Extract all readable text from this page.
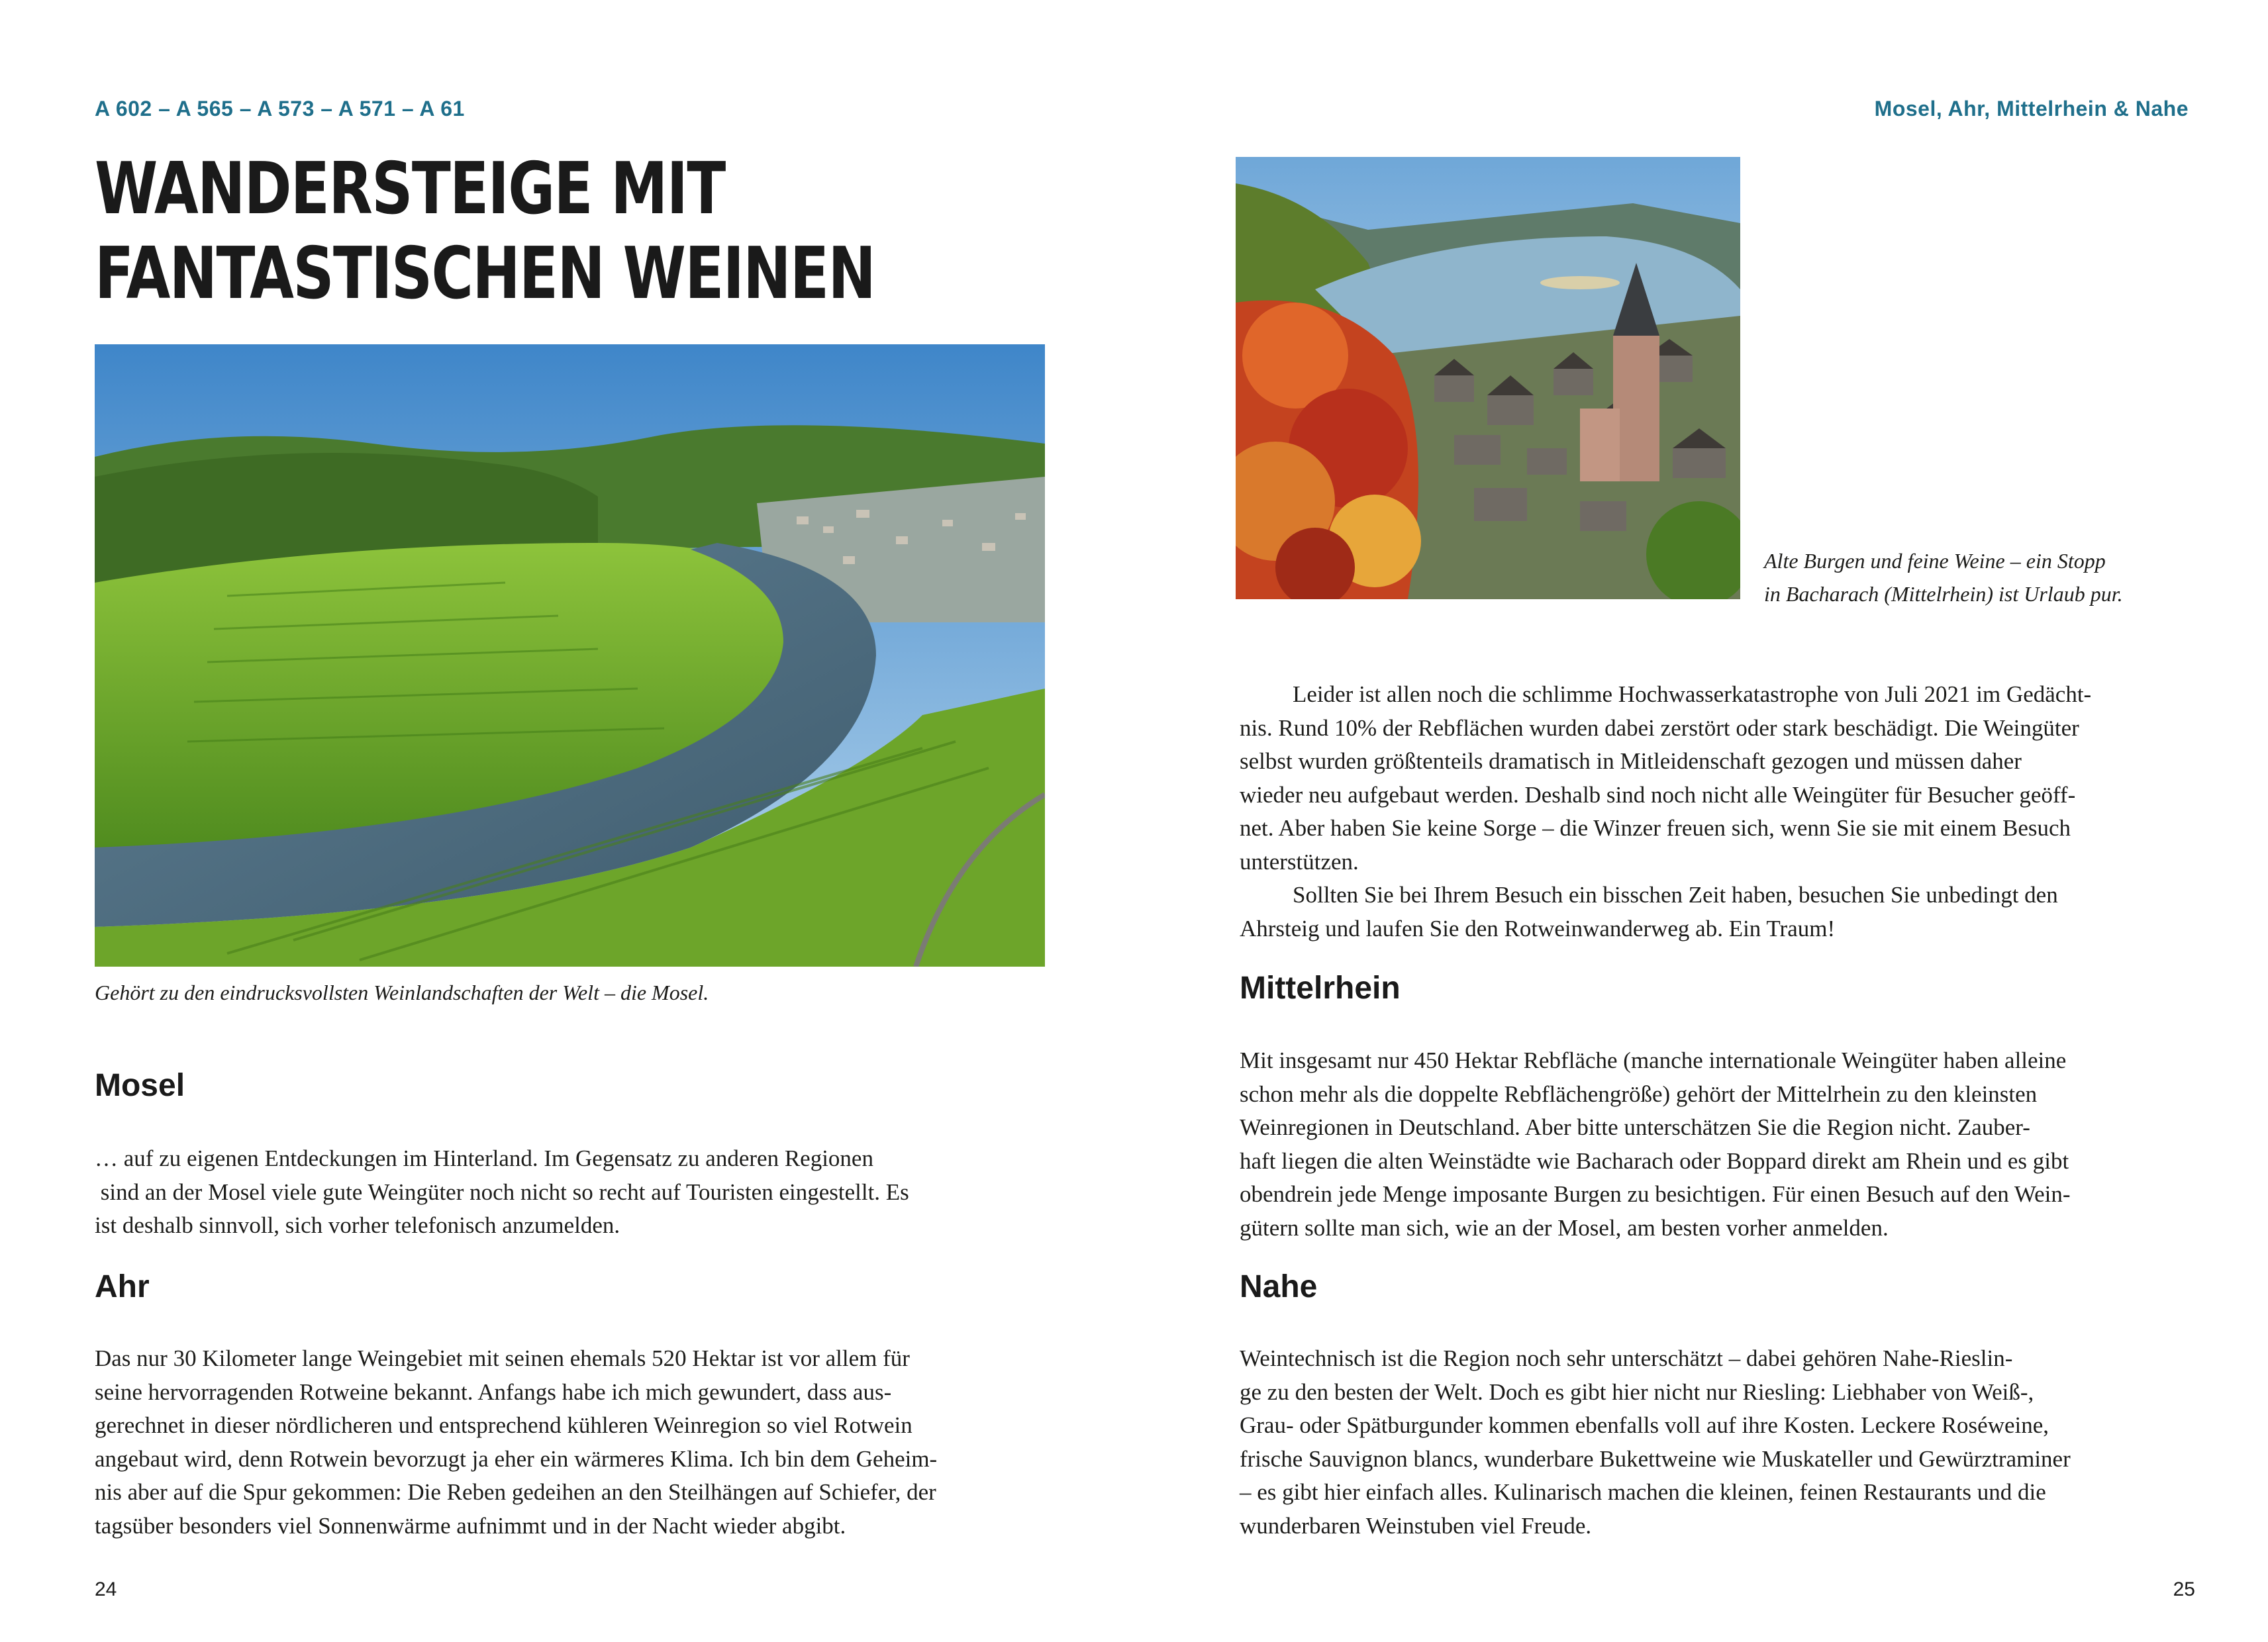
A 602 – A 565 – A 573 – A 571 – A 61	Mosel, Ahr, Mittelrhein & Nahe
WANDERSTEIGE MIT
FANTASTISCHEN WEINEN
Gehört zu den eindrucksvollsten Weinlandschaften der Welt – die Mosel.
Mosel
… auf zu eigenen Entdeckungen im Hinterland. Im Gegensatz zu anderen Regionen
sind an der Mosel viele gute Weingüter noch nicht so recht auf Touristen eingestellt. Es
ist deshalb sinnvoll, sich vorher telefonisch anzumelden.
Ahr
Das nur 30 Kilometer lange Weingebiet mit seinen ehemals 520 Hektar ist vor allem für
seine hervorragenden Rotweine bekannt. Anfangs habe ich mich gewundert, dass aus-
gerechnet in dieser nördlicheren und entsprechend kühleren Weinregion so viel Rotwein
angebaut wird, denn Rotwein bevorzugt ja eher ein wärmeres Klima. Ich bin dem Geheim-
nis aber auf die Spur gekommen: Die Reben gedeihen an den Steilhängen auf Schiefer, der
tagsüber besonders viel Sonnenwärme aufnimmt und in der Nacht wieder abgibt.
24
Alte Burgen und feine Weine – ein Stopp
in Bacharach (Mittelrhein) ist Urlaub pur.
Leider ist allen noch die schlimme Hochwasserkatastrophe von Juli 2021 im Gedächt-
nis. Rund 10% der Rebflächen wurden dabei zerstört oder stark beschädigt. Die Weingüter
selbst wurden größtenteils dramatisch in Mitleidenschaft gezogen und müssen daher
wieder neu aufgebaut werden. Deshalb sind noch nicht alle Weingüter für Besucher geöff-
net. Aber haben Sie keine Sorge – die Winzer freuen sich, wenn Sie sie mit einem Besuch
unterstützen.
Sollten Sie bei Ihrem Besuch ein bisschen Zeit haben, besuchen Sie unbedingt den
Ahrsteig und laufen Sie den Rotweinwanderweg ab. Ein Traum!
Mittelrhein
Mit insgesamt nur 450 Hektar Rebfläche (manche internationale Weingüter haben alleine
schon mehr als die doppelte Rebflächengröße) gehört der Mittelrhein zu den kleinsten
Weinregionen in Deutschland. Aber bitte unterschätzen Sie die Region nicht. Zauber-
haft liegen die alten Weinstädte wie Bacharach oder Boppard direkt am Rhein und es gibt
obendrein jede Menge imposante Burgen zu besichtigen. Für einen Besuch auf den Wein-
gütern sollte man sich, wie an der Mosel, am besten vorher anmelden.
Nahe
Weintechnisch ist die Region noch sehr unterschätzt – dabei gehören Nahe-Rieslin-
ge zu den besten der Welt. Doch es gibt hier nicht nur Riesling: Liebhaber von Weiß-,
Grau- oder Spätburgunder kommen ebenfalls voll auf ihre Kosten. Leckere Roséweine,
frische Sauvignon blancs, wunderbare Bukettweine wie Muskateller und Gewürztraminer
– es gibt hier einfach alles. Kulinarisch machen die kleinen, feinen Restaurants und die
wunderbaren Weinstuben viel Freude.
25
